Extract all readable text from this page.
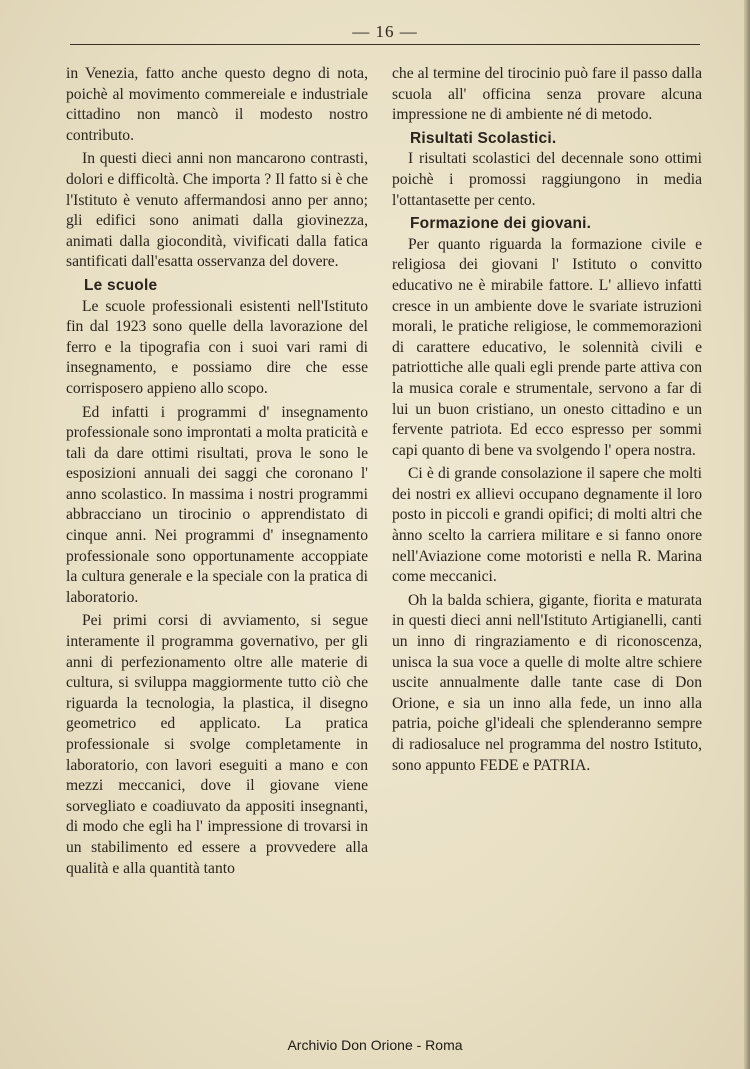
— 16 —

in Venezia, fatto anche questo degno di nota, poichè al movimento commereiale e industriale cittadino non mancò il modesto nostro contributo.

In questi dieci anni non mancarono contrasti, dolori e difficoltà. Che importa ? Il fatto si è che l'Istituto è venuto affermandosi anno per anno; gli edifici sono animati dalla giovinezza, animati dalla giocondità, vivificati dalla fatica santificati dall'esatta osservanza del dovere.

Le scuole

Le scuole professionali esistenti nell'Istituto fin dal 1923 sono quelle della lavorazione del ferro e la tipografia con i suoi vari rami di insegnamento, e possiamo dire che esse corrisposero appieno allo scopo.

Ed infatti i programmi d' insegnamento professionale sono improntati a molta praticità e tali da dare ottimi risultati, prova le sono le esposizioni annuali dei saggi che coronano l' anno scolastico. In massima i nostri programmi abbracciano un tirocinio o apprendistato di cinque anni. Nei programmi d' insegnamento professionale sono opportunamente accoppiate la cultura generale e la speciale con la pratica di laboratorio.

Pei primi corsi di avviamento, si segue interamente il programma governativo, per gli anni di perfezionamento oltre alle materie di cultura, si sviluppa maggiormente tutto ciò che riguarda la tecnologia, la plastica, il disegno geometrico ed applicato. La pratica professionale si svolge completamente in laboratorio, con lavori eseguiti a mano e con mezzi meccanici, dove il giovane viene sorvegliato e coadiuvato da appositi insegnanti, di modo che egli ha l' impressione di trovarsi in un stabilimento ed essere a provvedere alla qualità e alla quantità tanto

che al termine del tirocinio può fare il passo dalla scuola all' officina senza provare alcuna impressione ne di ambiente né di metodo.

Risultati Scolastici.

I risultati scolastici del decennale sono ottimi poichè i promossi raggiungono in media l'ottantasette per cento.

Formazione dei giovani.

Per quanto riguarda la formazione civile e religiosa dei giovani l' Istituto o convitto educativo ne è mirabile fattore. L' allievo infatti cresce in un ambiente dove le svariate istruzioni morali, le pratiche religiose, le commemorazioni di carattere educativo, le solennità civili e patriottiche alle quali egli prende parte attiva con la musica corale e strumentale, servono a far di lui un buon cristiano, un onesto cittadino e un fervente patriota. Ed ecco espresso per sommi capi quanto di bene va svolgendo l' opera nostra.

Ci è di grande consolazione il sapere che molti dei nostri ex allievi occupano degnamente il loro posto in piccoli e grandi opifici; di molti altri che ànno scelto la carriera militare e si fanno onore nell'Aviazione come motoristi e nella R. Marina come meccanici.

Oh la balda schiera, gigante, fiorita e maturata in questi dieci anni nell'Istituto Artigianelli, canti un inno di ringraziamento e di riconoscenza, unisca la sua voce a quelle di molte altre schiere uscite annualmente dalle tante case di Don Orione, e sia un inno alla fede, un inno alla patria, poiche gl'ideali che splenderanno sempre di radiosaluce nel programma del nostro Istituto, sono appunto FEDE e PATRIA.

Archivio Don Orione - Roma
